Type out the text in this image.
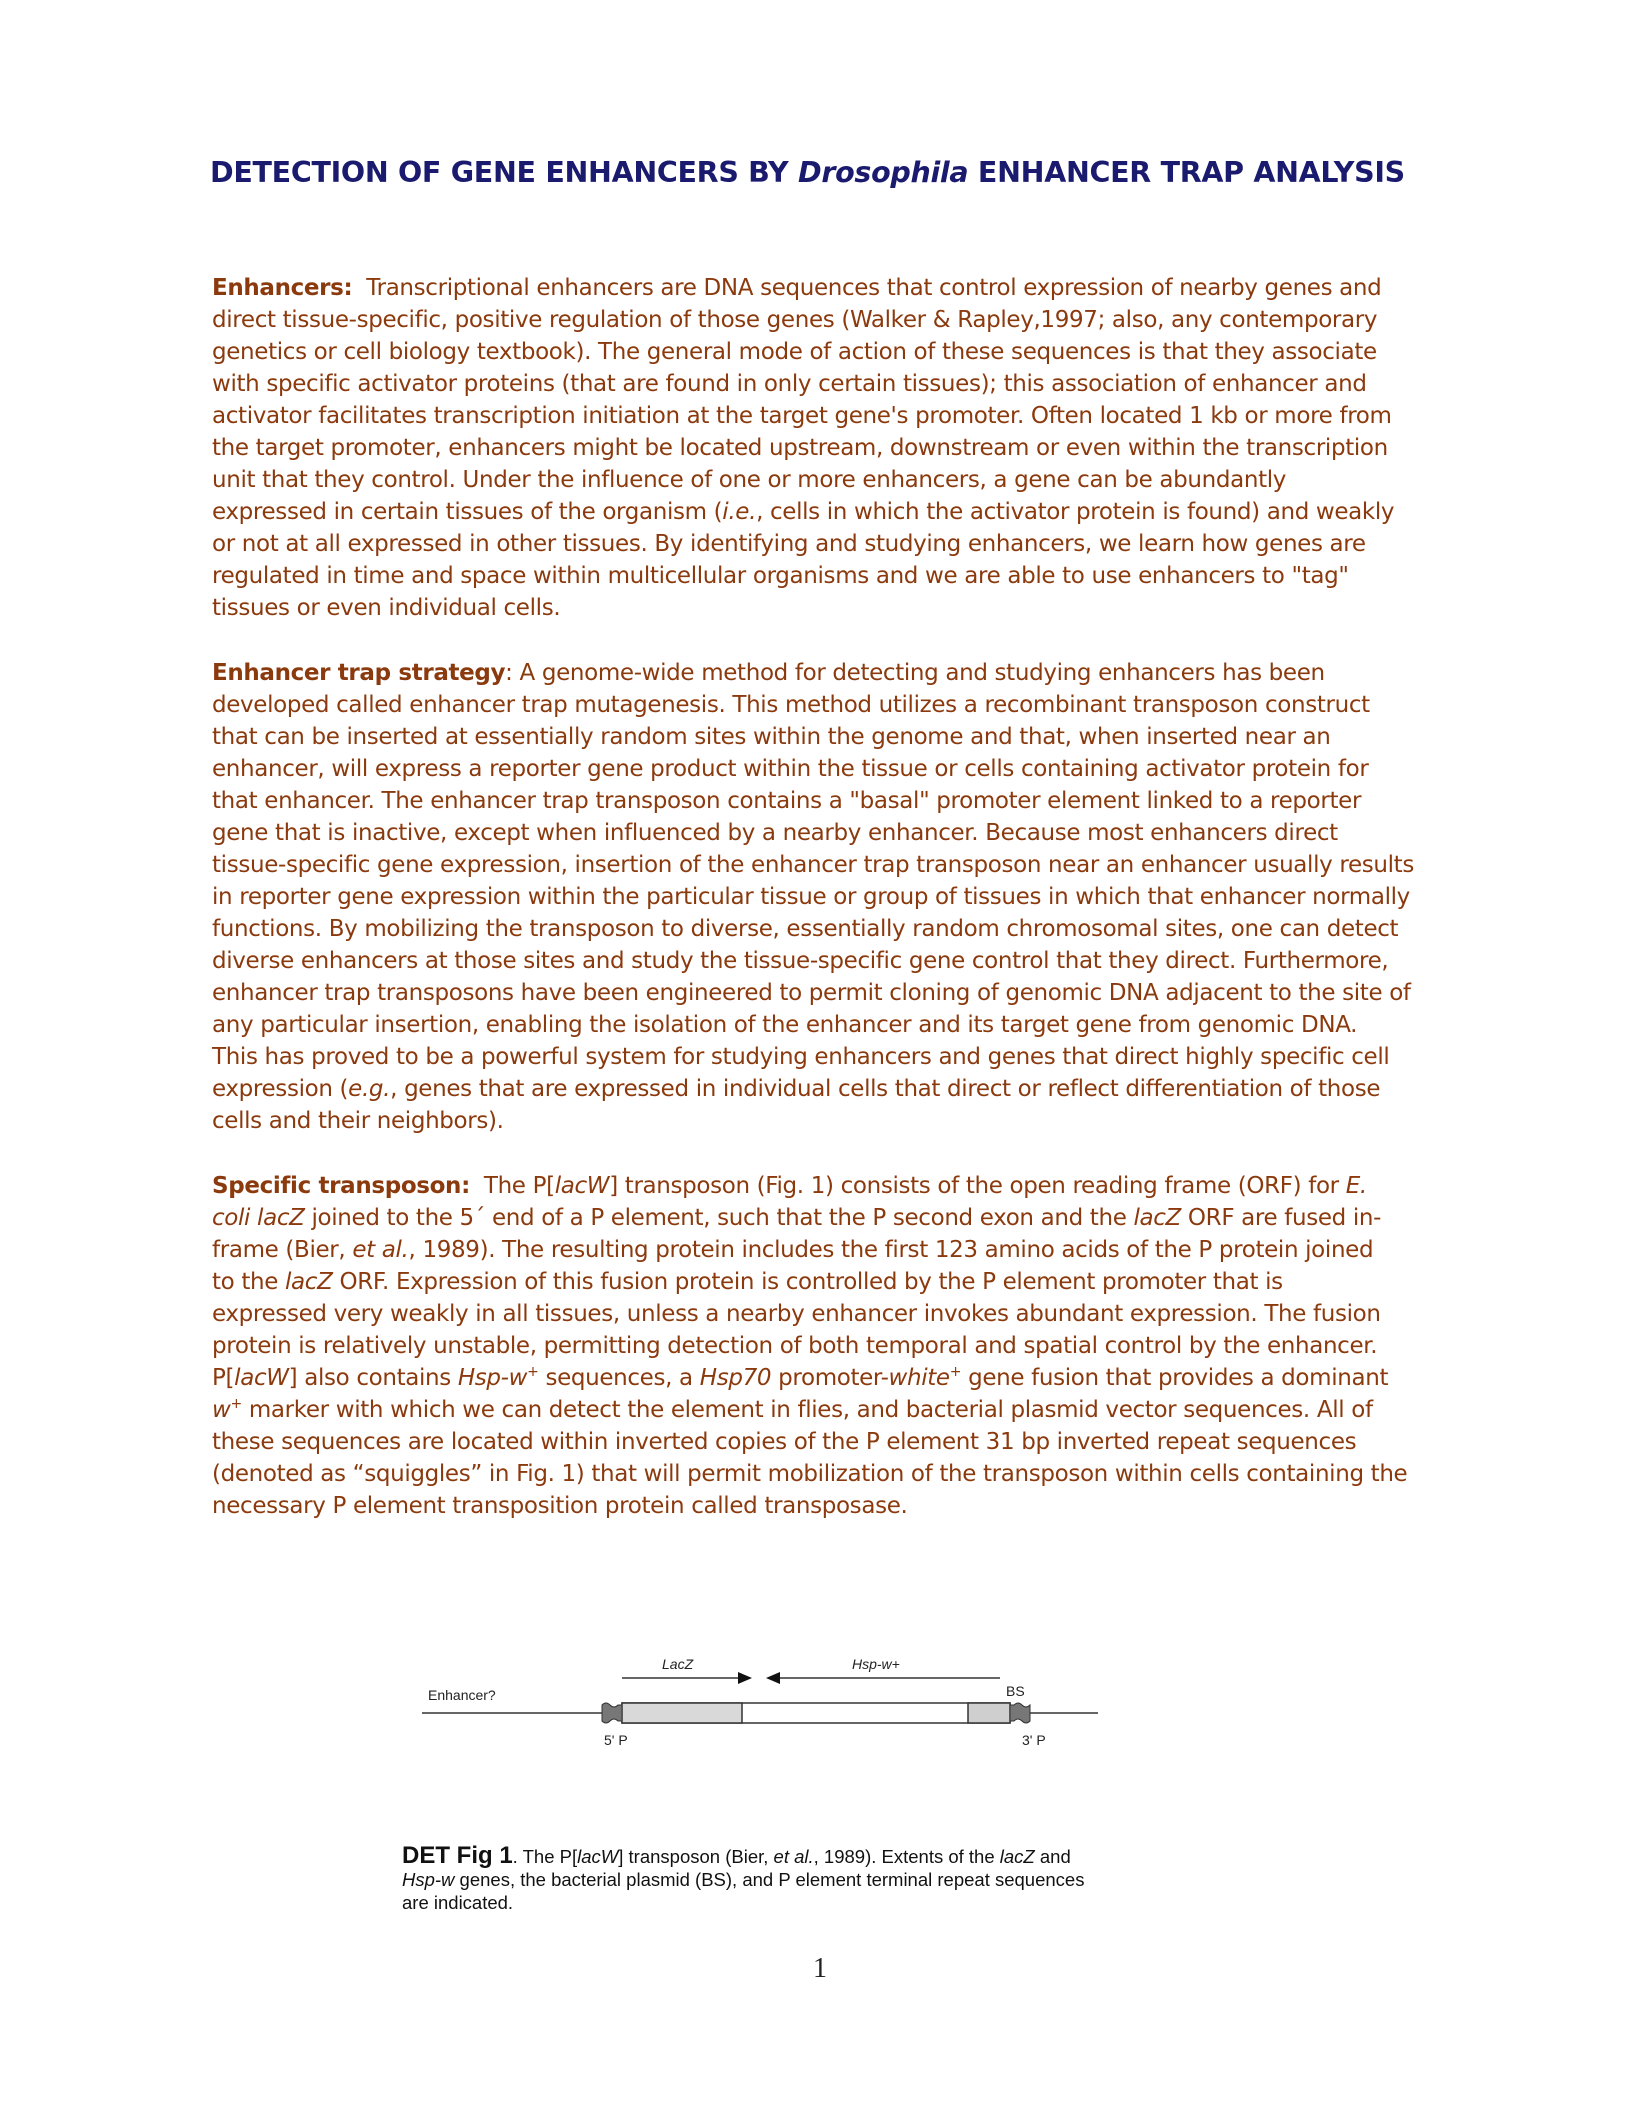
DETECTION OF GENE ENHANCERS BY Drosophila ENHANCER TRAP ANALYSIS
Enhancers: Transcriptional enhancers are DNA sequences that control expression of nearby genes and
direct tissue-specific, positive regulation of those genes (Walker & Rapley,1997; also, any contemporary
genetics or cell biology textbook). The general mode of action of these sequences is that they associate
with specific activator proteins (that are found in only certain tissues); this association of enhancer and
activator facilitates transcription initiation at the target gene's promoter. Often located 1 kb or more from
the target promoter, enhancers might be located upstream, downstream or even within the transcription
unit that they control. Under the influence of one or more enhancers, a gene can be abundantly
expressed in certain tissues of the organism (i.e., cells in which the activator protein is found) and weakly
or not at all expressed in other tissues. By identifying and studying enhancers, we learn how genes are
regulated in time and space within multicellular organisms and we are able to use enhancers to "tag"
tissues or even individual cells.
Enhancer trap strategy: A genome-wide method for detecting and studying enhancers has been
developed called enhancer trap mutagenesis. This method utilizes a recombinant transposon construct
that can be inserted at essentially random sites within the genome and that, when inserted near an
enhancer, will express a reporter gene product within the tissue or cells containing activator protein for
that enhancer. The enhancer trap transposon contains a "basal" promoter element linked to a reporter
gene that is inactive, except when influenced by a nearby enhancer. Because most enhancers direct
tissue-specific gene expression, insertion of the enhancer trap transposon near an enhancer usually results
in reporter gene expression within the particular tissue or group of tissues in which that enhancer normally
functions. By mobilizing the transposon to diverse, essentially random chromosomal sites, one can detect
diverse enhancers at those sites and study the tissue-specific gene control that they direct. Furthermore,
enhancer trap transposons have been engineered to permit cloning of genomic DNA adjacent to the site of
any particular insertion, enabling the isolation of the enhancer and its target gene from genomic DNA.
This has proved to be a powerful system for studying enhancers and genes that direct highly specific cell
expression (e.g., genes that are expressed in individual cells that direct or reflect differentiation of those
cells and their neighbors).
Specific transposon: The P[lacW] transposon (Fig. 1) consists of the open reading frame (ORF) for E.
coli lacZ joined to the 5´ end of a P element, such that the P second exon and the lacZ ORF are fused in-
frame (Bier, et al., 1989). The resulting protein includes the first 123 amino acids of the P protein joined
to the lacZ ORF. Expression of this fusion protein is controlled by the P element promoter that is
expressed very weakly in all tissues, unless a nearby enhancer invokes abundant expression. The fusion
protein is relatively unstable, permitting detection of both temporal and spatial control by the enhancer.
P[lacW] also contains Hsp-w+ sequences, a Hsp70 promoter-white+ gene fusion that provides a dominant
w+ marker with which we can detect the element in flies, and bacterial plasmid vector sequences. All of
these sequences are located within inverted copies of the P element 31 bp inverted repeat sequences
(denoted as “squiggles” in Fig. 1) that will permit mobilization of the transposon within cells containing the
necessary P element transposition protein called transposase.
Enhancer?
LacZ	Hsp-w+
BS
5' P	3' P
DET Fig 1. The P[lacW] transposon (Bier, et al., 1989). Extents of the lacZ and
Hsp-w genes, the bacterial plasmid (BS), and P element terminal repeat sequences
are indicated.
1
